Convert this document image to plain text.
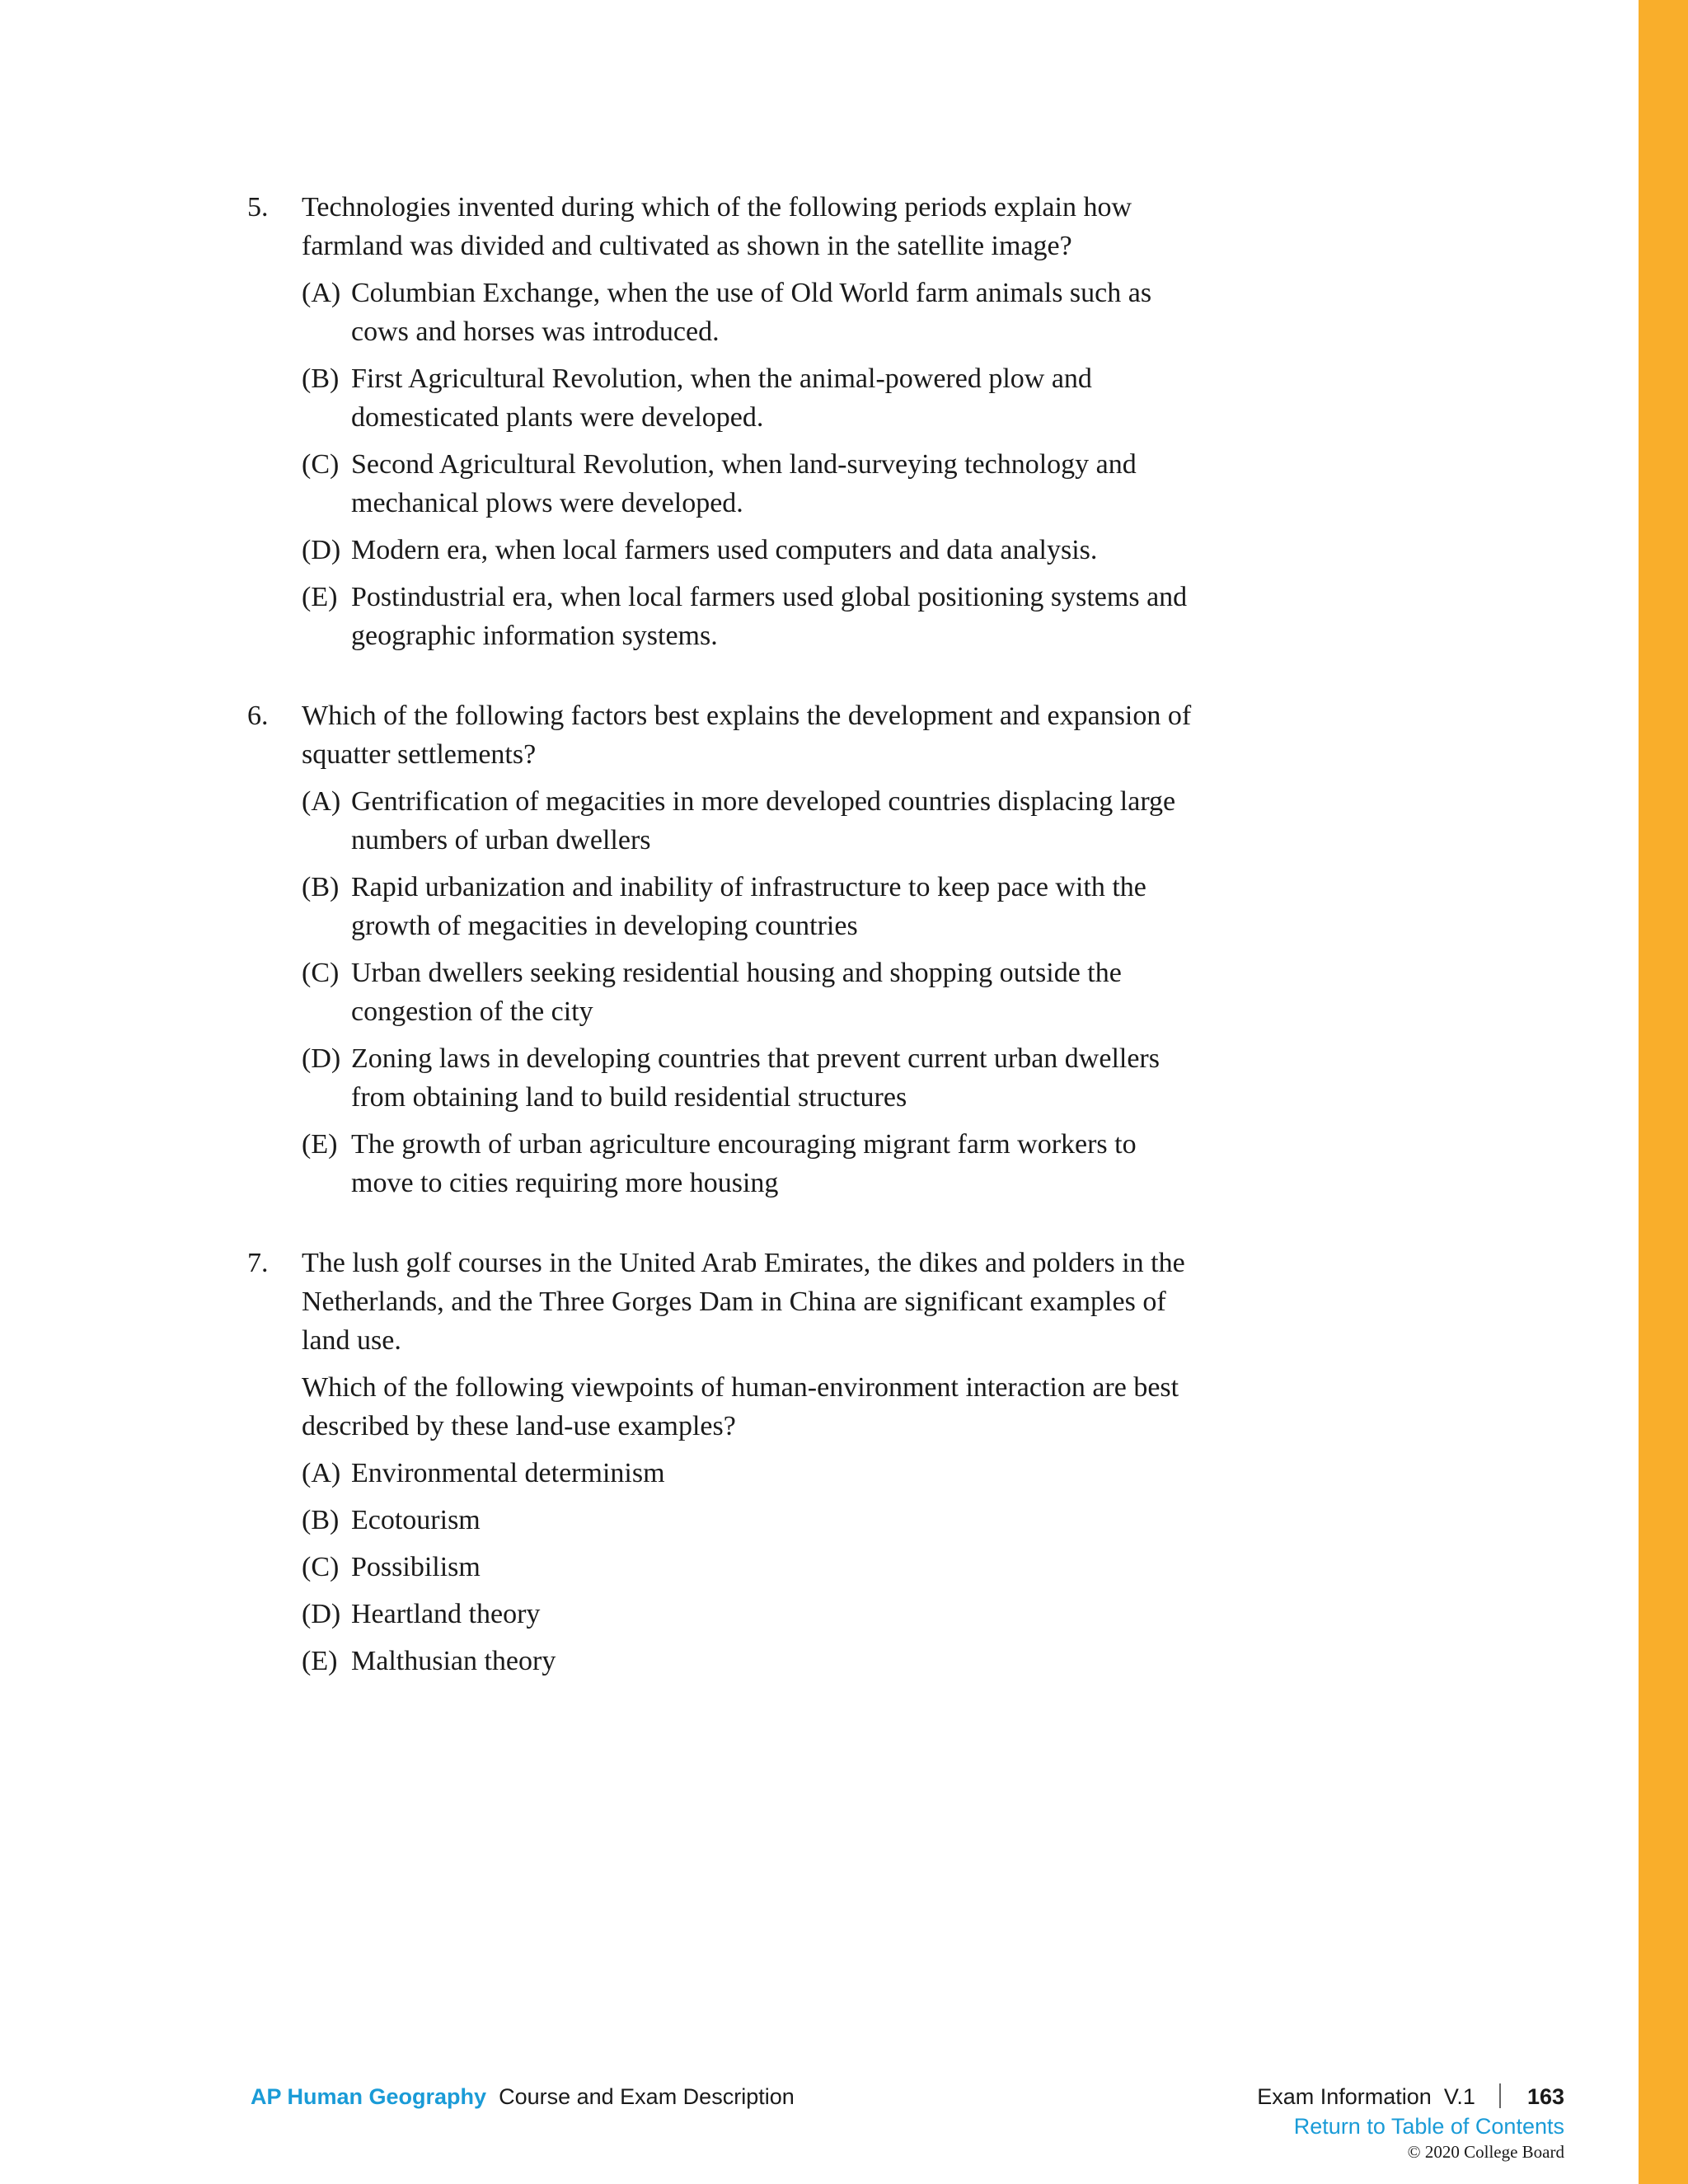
5. Technologies invented during which of the following periods explain how farmland was divided and cultivated as shown in the satellite image?

(A) Columbian Exchange, when the use of Old World farm animals such as cows and horses was introduced.
(B) First Agricultural Revolution, when the animal-powered plow and domesticated plants were developed.
(C) Second Agricultural Revolution, when land-surveying technology and mechanical plows were developed.
(D) Modern era, when local farmers used computers and data analysis.
(E) Postindustrial era, when local farmers used global positioning systems and geographic information systems.
6. Which of the following factors best explains the development and expansion of squatter settlements?

(A) Gentrification of megacities in more developed countries displacing large numbers of urban dwellers
(B) Rapid urbanization and inability of infrastructure to keep pace with the growth of megacities in developing countries
(C) Urban dwellers seeking residential housing and shopping outside the congestion of the city
(D) Zoning laws in developing countries that prevent current urban dwellers from obtaining land to build residential structures
(E) The growth of urban agriculture encouraging migrant farm workers to move to cities requiring more housing
7. The lush golf courses in the United Arab Emirates, the dikes and polders in the Netherlands, and the Three Gorges Dam in China are significant examples of land use.

Which of the following viewpoints of human-environment interaction are best described by these land-use examples?

(A) Environmental determinism
(B) Ecotourism
(C) Possibilism
(D) Heartland theory
(E) Malthusian theory
AP Human Geography Course and Exam Description	Exam Information V.1 163
Return to Table of Contents
© 2020 College Board
